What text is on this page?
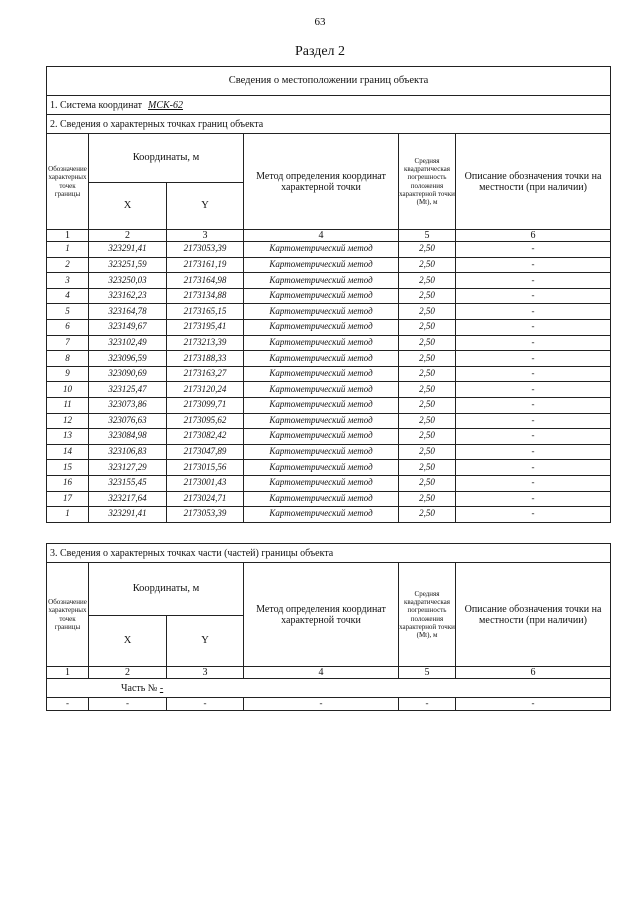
63
Раздел 2
Сведения о местоположении границ объекта					
1. Система координат МСК-62					
2. Сведения о характерных точках границ объекта					
Обозначение характерных точек границы	Координаты, м		Метод определения координат характерной точки	Средняя квадратическая погрешность положения характерной точки (Mt), м	Описание обозначения точки на местности (при наличии)
	X	Y			
1	2	3	4	5	6
1	323291,41	2173053,39	Картометрический метод	2,50	-
2	323251,59	2173161,19	Картометрический метод	2,50	-
3	323250,03	2173164,98	Картометрический метод	2,50	-
4	323162,23	2173134,88	Картометрический метод	2,50	-
5	323164,78	2173165,15	Картометрический метод	2,50	-
6	323149,67	2173195,41	Картометрический метод	2,50	-
7	323102,49	2173213,39	Картометрический метод	2,50	-
8	323096,59	2173188,33	Картометрический метод	2,50	-
9	323090,69	2173163,27	Картометрический метод	2,50	-
10	323125,47	2173120,24	Картометрический метод	2,50	-
11	323073,86	2173099,71	Картометрический метод	2,50	-
12	323076,63	2173095,62	Картометрический метод	2,50	-
13	323084,98	2173082,42	Картометрический метод	2,50	-
14	323106,83	2173047,89	Картометрический метод	2,50	-
15	323127,29	2173015,56	Картометрический метод	2,50	-
16	323155,45	2173001,43	Картометрический метод	2,50	-
17	323217,64	2173024,71	Картометрический метод	2,50	-
1	323291,41	2173053,39	Картометрический метод	2,50	-
3. Сведения о характерных точках части (частей) границы объекта					
Обозначение характерных точек границы	Координаты, м		Метод определения координат характерной точки	Средняя квадратическая погрешность положения характерной точки (Mt), м	Описание обозначения точки на местности (при наличии)
	X	Y			
1	2	3	4	5	6
Часть № -					
-	-	-	-	-	-
